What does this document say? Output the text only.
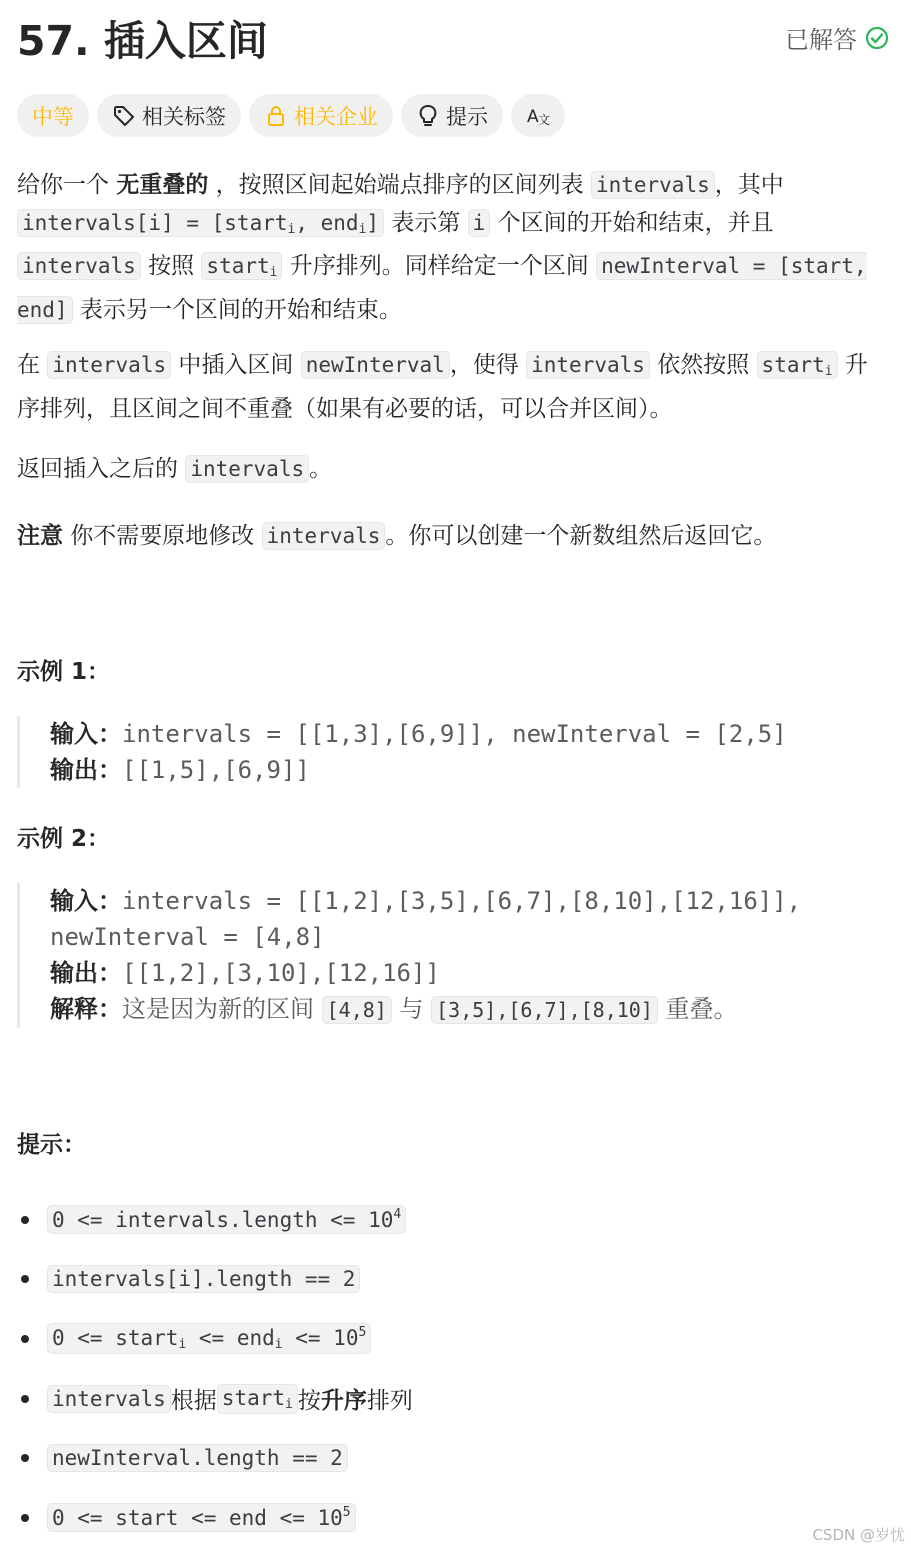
57. 插入区间	已解答
中等	相关标签	相关企业	提示 A 文
给你一个 无重叠的 ，按照区间起始端点排序的区间列表 intervals ，其中 intervals[i] = [start$_i$, end$_i$] 表示第 i 个区间的开始和结束，并且 intervals 按照 start$_i$ 升序排列。同样给定一个区间 newInterval = [start, end] 表示另一个区间的开始和结束。
在 intervals 中插入区间 newInterval ，使得 intervals 依然按照 start$_i$ 升序排列，且区间之间不重叠（如果有必要的话，可以合并区间）。
返回插入之后的 intervals 。
注意 你不需要原地修改 intervals 。你可以创建一个新数组然后返回它。
示例 1：
输入：intervals = [[1,3],[6,9]], newInterval = [2,5]
输出：[[1,5],[6,9]]
示例 2：
输入：intervals = [[1,2],[3,5],[6,7],[8,10],[12,16]],
newInterval = [4,8]
输出：[[1,2],[3,10],[12,16]]
解释：这是因为新的区间 [4,8] 与 [3,5],[6,7],[8,10] 重叠。
提示：
0 <= intervals.length <= $10^4$
intervals[i].length == 2
0 <= start$_i$ <= $end_i <= 10^5$
intervals 根据 start$_i$ 按 升序 排列
newInterval.length == 2
0 <= start <= end <= $10^5$
CSDN @岁忧
